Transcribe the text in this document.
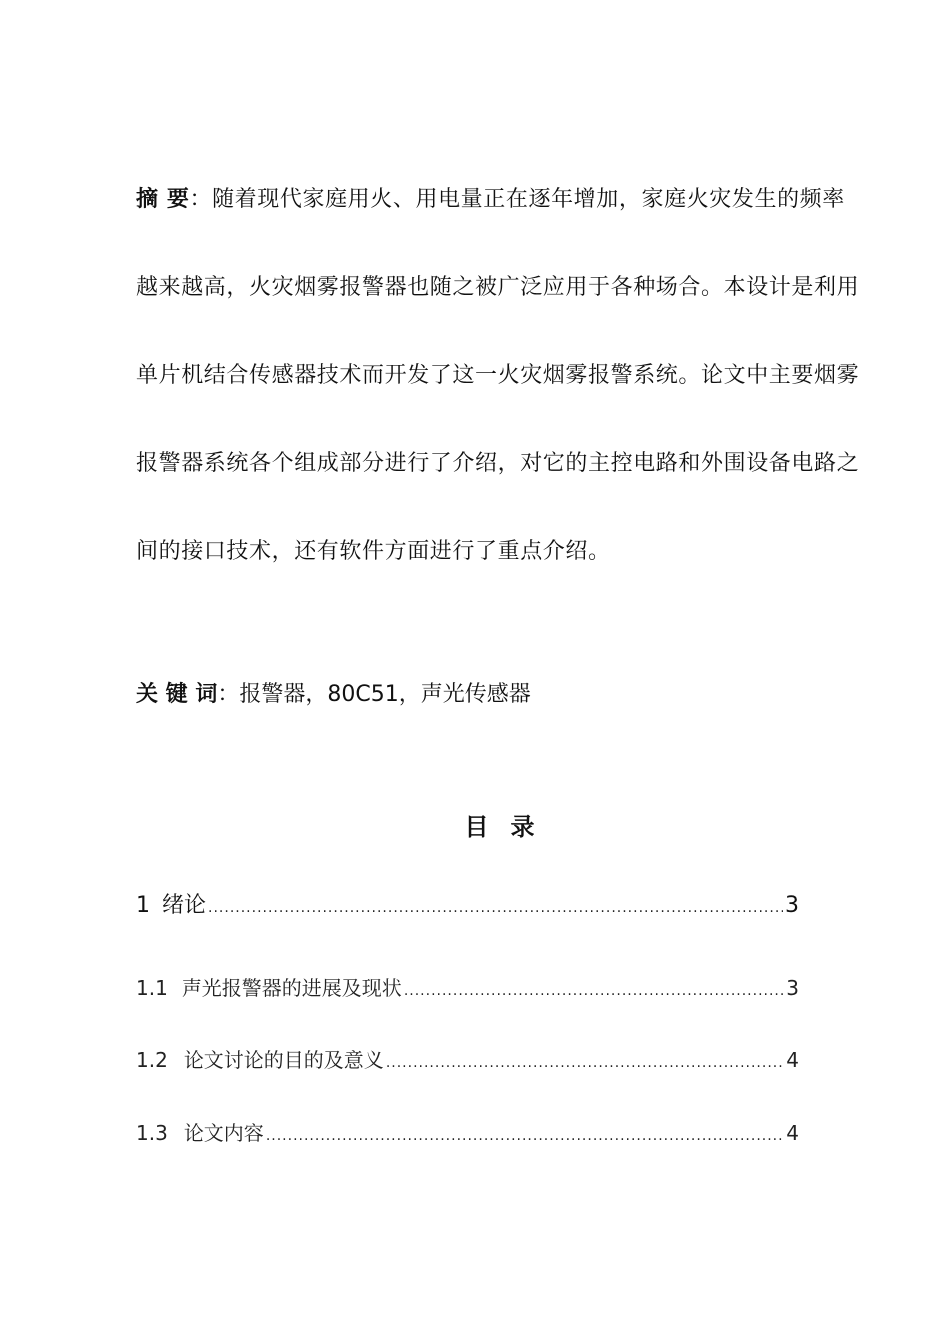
摘 要：随着现代家庭用火、用电量正在逐年增加，家庭火灾发生的频率
越来越高，火灾烟雾报警器也随之被广泛应用于各种场合。本设计是利用
单片机结合传感器技术而开发了这一火灾烟雾报警系统。论文中主要烟雾
报警器系统各个组成部分进行了介绍，对它的主控电路和外围设备电路之
间的接口技术，还有软件方面进行了重点介绍。
关 键 词：报警器，80C51，声光传感器
目录
1 绪论 .....	3
1.1 声光报警器的进展及现状 .....	3
1.2 论文讨论的目的及意义 .....	4
1.3 论文内容 .....	4
